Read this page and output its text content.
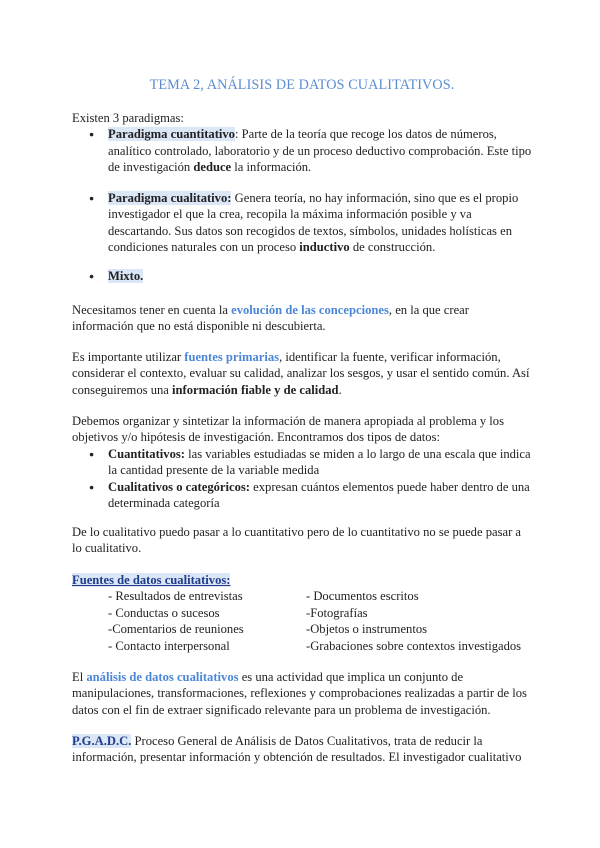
TEMA 2, ANÁLISIS DE DATOS CUALITATIVOS.

Existen 3 paradigmas:

● Paradigma cuantitativo: Parte de la teoría que recoge los datos de números, analítico controlado, laboratorio y de un proceso deductivo comprobación. Este tipo de investigación deduce la información.
● Paradigma cualitativo: Genera teoría, no hay información, sino que es el propio investigador el que la crea, recopila la máxima información posible y va descartando. Sus datos son recogidos de textos, símbolos, unidades holísticas en condiciones naturales con un proceso inductivo de construcción.
● Mixto.

Necesitamos tener en cuenta la evolución de las concepciones, en la que crear información que no está disponible ni descubierta.

Es importante utilizar fuentes primarias, identificar la fuente, verificar información, considerar el contexto, evaluar su calidad, analizar los sesgos, y usar el sentido común. Así conseguiremos una información fiable y de calidad.

Debemos organizar y sintetizar la información de manera apropiada al problema y los objetivos y/o hipótesis de investigación. Encontramos dos tipos de datos:

● Cuantitativos: las variables estudiadas se miden a lo largo de una escala que indica la cantidad presente de la variable medida
● Cualitativos o categóricos: expresan cuántos elementos puede haber dentro de una determinada categoría

De lo cualitativo puedo pasar a lo cuantitativo pero de lo cuantitativo no se puede pasar a lo cualitativo.

Fuentes de datos cualitativos:

- Resultados de entrevistas	- Documentos escritos
- Conductas o sucesos	-Fotografías
-Comentarios de reuniones	-Objetos o instrumentos
- Contacto interpersonal	-Grabaciones sobre contextos investigados

El análisis de datos cualitativos es una actividad que implica un conjunto de manipulaciones, transformaciones, reflexiones y comprobaciones realizadas a partir de los datos con el fin de extraer significado relevante para un problema de investigación.

P.G.A.D.C. Proceso General de Análisis de Datos Cualitativos, trata de reducir la información, presentar información y obtención de resultados. El investigador cualitativo
